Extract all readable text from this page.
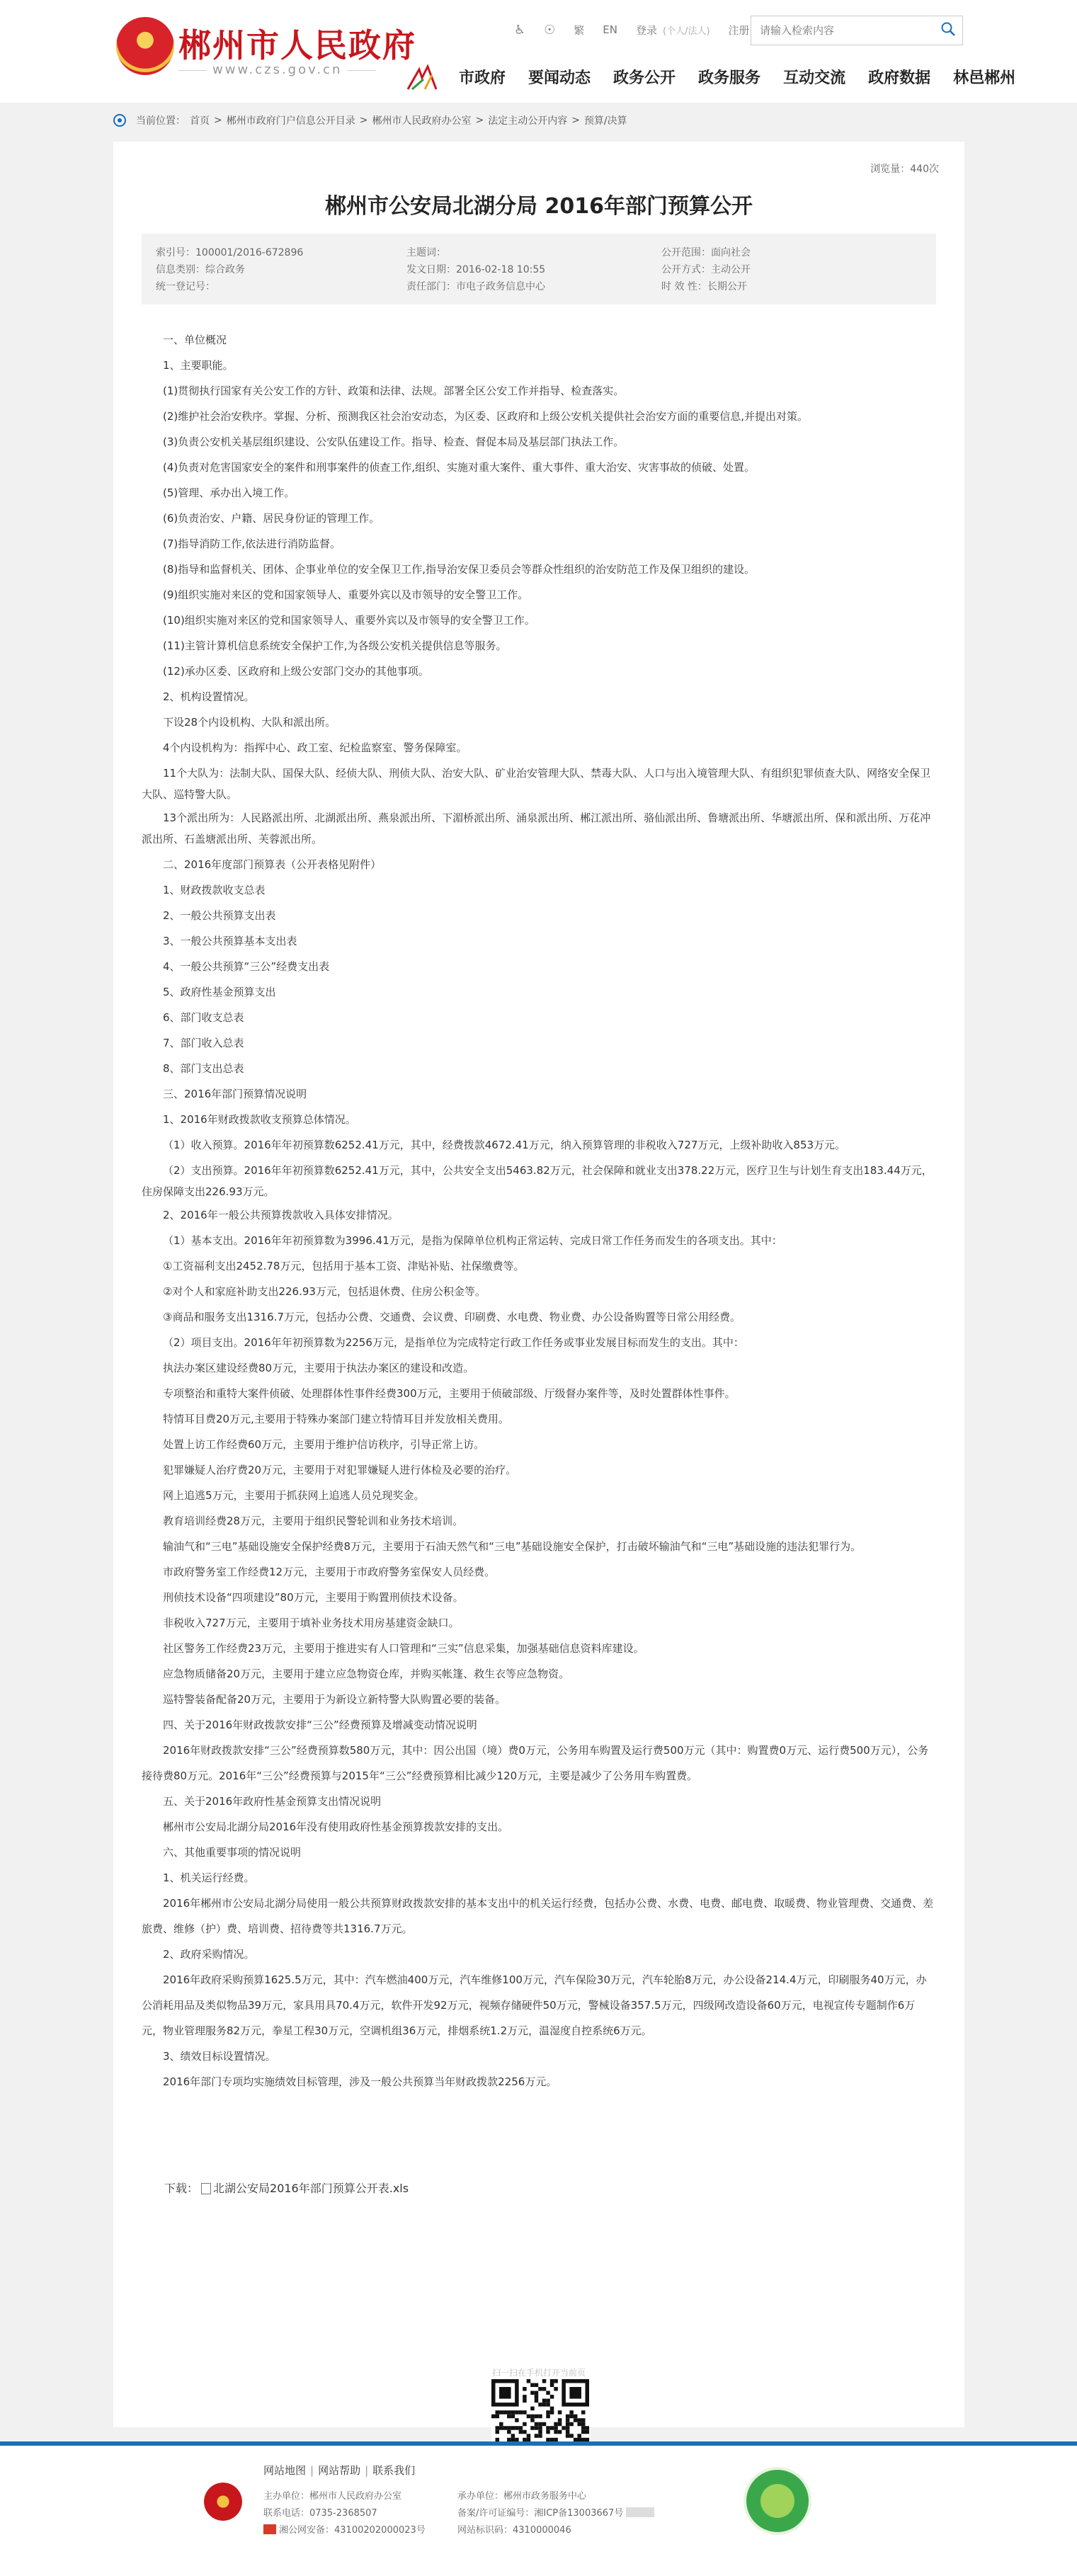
郴州市人民政府
www.czs.gov.cn
♿ ☉ 繁 EN 登录 (个人/法人) 注册
请输入检索内容
市政府 要闻动态 政务公开 政务服务 互动交流 政府数据 林邑郴州
当前位置： 首页 > 郴州市政府门户信息公开目录 > 郴州市人民政府办公室 > 法定主动公开内容 > 预算/决算
浏览量：440次
郴州市公安局北湖分局 2016年部门预算公开
索引号：100001/2016-672896
信息类别：综合政务
统一登记号：
主题词：
发文日期：2016-02-18 10:55
责任部门：市电子政务信息中心
公开范围：面向社会
公开方式：主动公开
时 效 性：长期公开

一、单位概况

1、主要职能。

(1)贯彻执行国家有关公安工作的方针、政策和法律、法规。部署全区公安工作并指导、检查落实。

(2)维护社会治安秩序。掌握、分析、预测我区社会治安动态，为区委、区政府和上级公安机关提供社会治安方面的重要信息,并提出对策。

(3)负责公安机关基层组织建设、公安队伍建设工作。指导、检查、督促本局及基层部门执法工作。

(4)负责对危害国家安全的案件和刑事案件的侦查工作,组织、实施对重大案件、重大事件、重大治安、灾害事故的侦破、处置。

(5)管理、承办出入境工作。

(6)负责治安、户籍、居民身份证的管理工作。

(7)指导消防工作,依法进行消防监督。

(8)指导和监督机关、团体、企事业单位的安全保卫工作,指导治安保卫委员会等群众性组织的治安防范工作及保卫组织的建设。

(9)组织实施对来区的党和国家领导人、重要外宾以及市领导的安全警卫工作。

(10)组织实施对来区的党和国家领导人、重要外宾以及市领导的安全警卫工作。

(11)主管计算机信息系统安全保护工作,为各级公安机关提供信息等服务。

(12)承办区委、区政府和上级公安部门交办的其他事项。

2、机构设置情况。

下设28个内设机构、大队和派出所。

4个内设机构为：指挥中心、政工室、纪检监察室、警务保障室。

11个大队为：法制大队、国保大队、经侦大队、刑侦大队、治安大队、矿业治安管理大队、禁毒大队、人口与出入境管理大队、有组织犯罪侦查大队、网络安全保卫大队、巡特警大队。

13个派出所为：人民路派出所、北湖派出所、燕泉派出所、下湄桥派出所、涌泉派出所、郴江派出所、骆仙派出所、鲁塘派出所、华塘派出所、保和派出所、万花冲派出所、石盖塘派出所、芙蓉派出所。

二、2016年度部门预算表（公开表格见附件）

1、财政拨款收支总表

2、一般公共预算支出表

3、一般公共预算基本支出表

4、一般公共预算“三公”经费支出表

5、政府性基金预算支出

6、部门收支总表

7、部门收入总表

8、部门支出总表

三、2016年部门预算情况说明

1、2016年财政拨款收支预算总体情况。

（1）收入预算。2016年年初预算数6252.41万元，其中，经费拨款4672.41万元，纳入预算管理的非税收入727万元，上级补助收入853万元。

（2）支出预算。2016年年初预算数6252.41万元，其中，公共安全支出5463.82万元，社会保障和就业支出378.22万元，医疗卫生与计划生育支出183.44万元，住房保障支出226.93万元。

2、2016年一般公共预算拨款收入具体安排情况。

（1）基本支出。2016年年初预算数为3996.41万元，是指为保障单位机构正常运转、完成日常工作任务而发生的各项支出。其中：

①工资福利支出2452.78万元，包括用于基本工资、津贴补贴、社保缴费等。

②对个人和家庭补助支出226.93万元，包括退休费、住房公积金等。

③商品和服务支出1316.7万元，包括办公费、交通费、会议费、印刷费、水电费、物业费、办公设备购置等日常公用经费。

（2）项目支出。2016年年初预算数为2256万元，是指单位为完成特定行政工作任务或事业发展目标而发生的支出。其中：

执法办案区建设经费80万元，主要用于执法办案区的建设和改造。

专项整治和重特大案件侦破、处理群体性事件经费300万元，主要用于侦破部级、厅级督办案件等，及时处置群体性事件。

特情耳目费20万元,主要用于特殊办案部门建立特情耳目并发放相关费用。

处置上访工作经费60万元，主要用于维护信访秩序，引导正常上访。

犯罪嫌疑人治疗费20万元，主要用于对犯罪嫌疑人进行体检及必要的治疗。

网上追逃5万元，主要用于抓获网上追逃人员兑现奖金。

教育培训经费28万元，主要用于组织民警轮训和业务技术培训。

输油气和“三电”基础设施安全保护经费8万元，主要用于石油天然气和“三电”基础设施安全保护，打击破坏输油气和“三电”基础设施的违法犯罪行为。

市政府警务室工作经费12万元，主要用于市政府警务室保安人员经费。

刑侦技术设备“四项建设”80万元，主要用于购置刑侦技术设备。

非税收入727万元，主要用于填补业务技术用房基建资金缺口。

社区警务工作经费23万元，主要用于推进实有人口管理和“三实”信息采集，加强基础信息资料库建设。

应急物质储备20万元，主要用于建立应急物资仓库，并购买帐篷、救生衣等应急物资。

巡特警装备配备20万元，主要用于为新设立新特警大队购置必要的装备。

四、关于2016年财政拨款安排“三公”经费预算及增减变动情况说明

2016年财政拨款安排“三公”经费预算数580万元，其中：因公出国（境）费0万元，公务用车购置及运行费500万元（其中：购置费0万元、运行费500万元），公务接待费80万元。2016年“三公”经费预算与2015年“三公”经费预算相比减少120万元，主要是减少了公务用车购置费。

五、关于2016年政府性基金预算支出情况说明

郴州市公安局北湖分局2016年没有使用政府性基金预算拨款安排的支出。

六、其他重要事项的情况说明

1、机关运行经费。

2016年郴州市公安局北湖分局使用一般公共预算财政拨款安排的基本支出中的机关运行经费，包括办公费、水费、电费、邮电费、取暖费、物业管理费、交通费、差旅费、维修（护）费、培训费、招待费等共1316.7万元。

2、政府采购情况。

2016年政府采购预算1625.5万元，其中：汽车燃油400万元，汽车维修100万元，汽车保险30万元，汽车轮胎8万元，办公设备214.4万元，印刷服务40万元，办公消耗用品及类似物品39万元，家具用具70.4万元，软件开发92万元，视频存储硬件50万元，警械设备357.5万元，四级网改造设备60万元，电视宣传专题制作6万元，物业管理服务82万元，拳星工程30万元，空调机组36万元，排烟系统1.2万元，温湿度自控系统6万元。

3、绩效目标设置情况。

2016年部门专项均实施绩效目标管理，涉及一般公共预算当年财政拨款2256万元。

下载： 北湖公安局2016年部门预算公开表.xls
扫一扫在手机打开当前页
网站地图 | 网站帮助 | 联系我们
主办单位：郴州市人民政府办公室
联系电话：0735-2368507
湘公网安备：43100202000023号
承办单位：郴州市政务服务中心
备案/许可证编号：湘ICP备13003667号
网站标识码：4310000046
